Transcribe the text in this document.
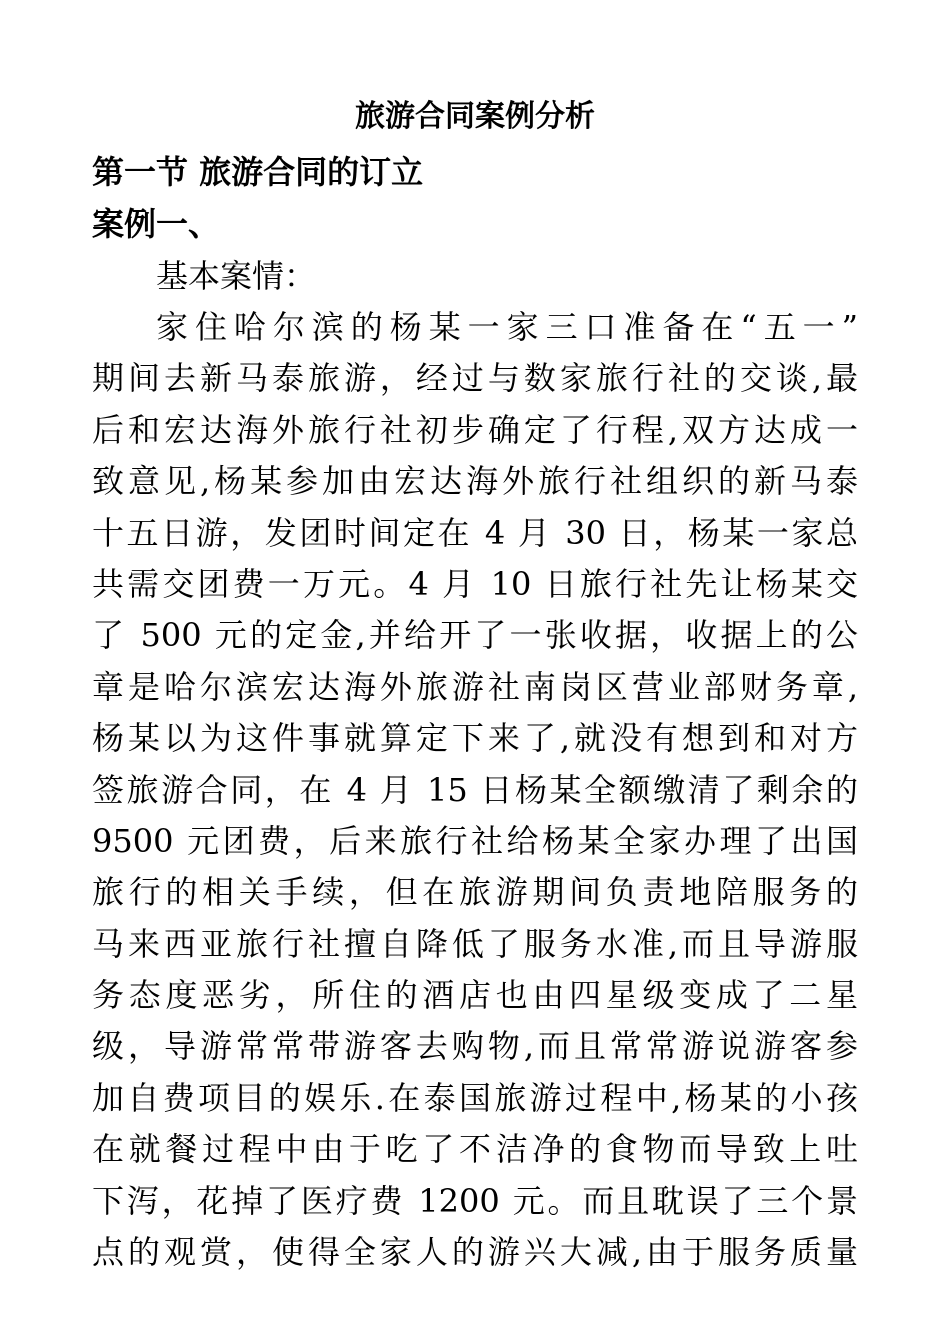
旅游合同案例分析
第一节 旅游合同的订立
案例一、

基本案情：

家住哈尔滨的杨某一家三口准备在“五一”
期间去新马泰旅游，经过与数家旅行社的交谈,最
后和宏达海外旅行社初步确定了行程,双方达成一
致意见,杨某参加由宏达海外旅行社组织的新马泰
十五日游，发团时间定在 4 月 30 日，杨某一家总
共需交团费一万元。4 月 10 日旅行社先让杨某交
了 500 元的定金,并给开了一张收据，收据上的公
章是哈尔滨宏达海外旅游社南岗区营业部财务章,
杨某以为这件事就算定下来了,就没有想到和对方
签旅游合同，在 4 月 15 日杨某全额缴清了剩余的
9500 元团费，后来旅行社给杨某全家办理了出国
旅行的相关手续，但在旅游期间负责地陪服务的
马来西亚旅行社擅自降低了服务水准,而且导游服
务态度恶劣，所住的酒店也由四星级变成了二星
级，导游常常带游客去购物,而且常常游说游客参
加自费项目的娱乐.在泰国旅游过程中,杨某的小孩
在就餐过程中由于吃了不洁净的食物而导致上吐
下泻，花掉了医疗费 1200 元。而且耽误了三个景
点的观赏，使得全家人的游兴大减,由于服务质量
